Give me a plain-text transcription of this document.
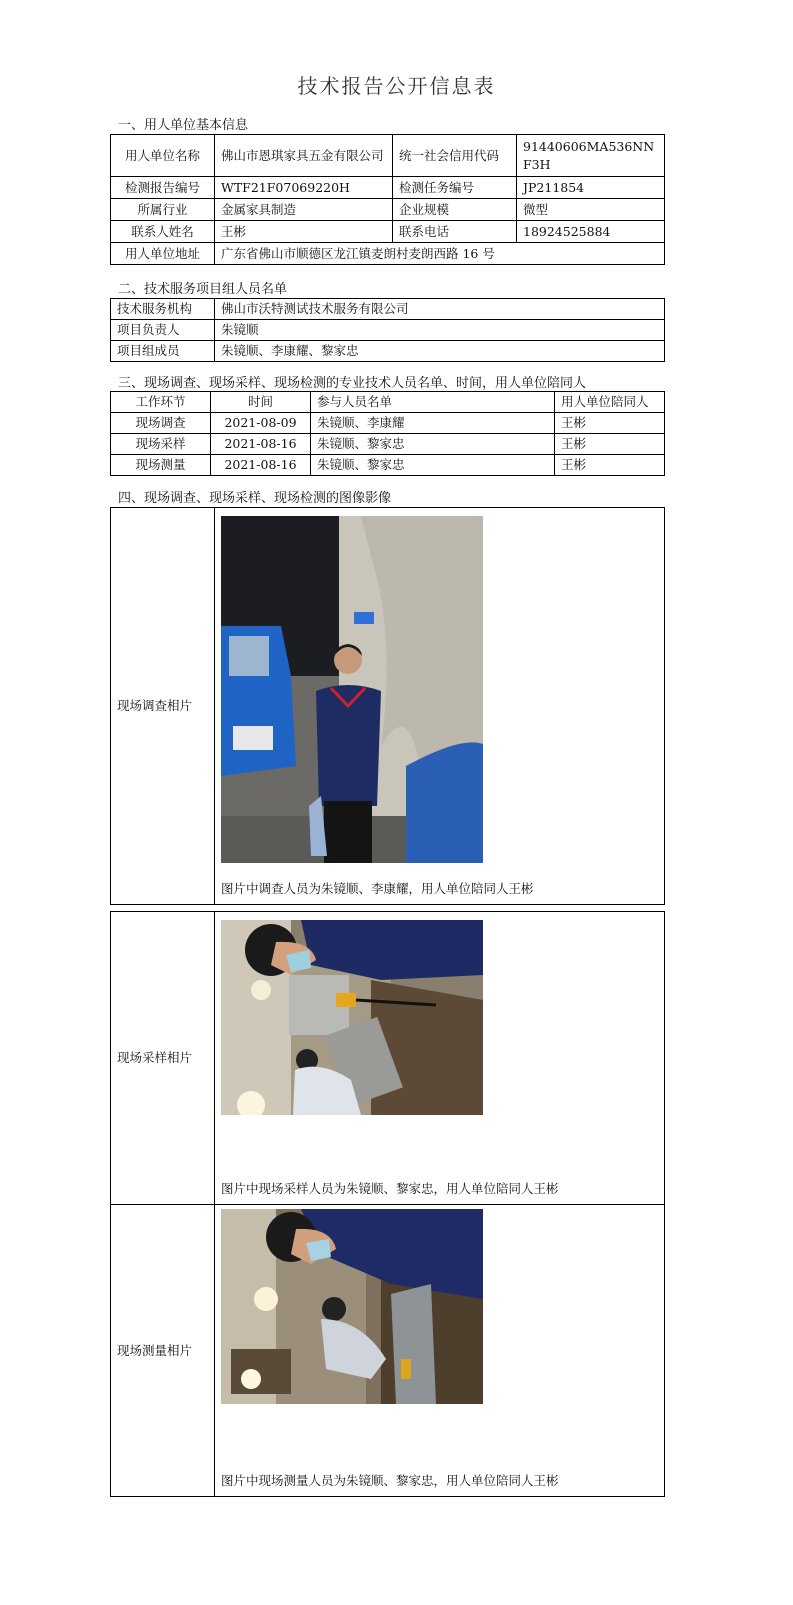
技术报告公开信息表
一、用人单位基本信息
用人单位名称	佛山市恩琪家具五金有限公司	统一社会信用代码	91440606MA536NNF3H
检测报告编号	WTF21F07069220H	检测任务编号	JP211854
所属行业	金属家具制造	企业规模	微型
联系人姓名	王彬	联系电话	18924525884
用人单位地址	广东省佛山市顺德区龙江镇麦朗村麦朗西路 16 号		
二、技术服务项目组人员名单
技术服务机构	佛山市沃特测试技术服务有限公司
项目负责人	朱镜顺
项目组成员	朱镜顺、李康耀、黎家忠
三、现场调查、现场采样、现场检测的专业技术人员名单、时间，用人单位陪同人
工作环节	时间	参与人员名单	用人单位陪同人
现场调查	2021-08-09	朱镜顺、李康耀	王彬
现场采样	2021-08-16	朱镜顺、黎家忠	王彬
现场测量	2021-08-16	朱镜顺、黎家忠	王彬
四、现场调查、现场采样、现场检测的图像影像
现场调查相片	
图片中调查人员为朱镜顺、李康耀，用人单位陪同人王彬
现场采样相片	
图片中现场采样人员为朱镜顺、黎家忠，用人单位陪同人王彬
现场测量相片	
图片中现场测量人员为朱镜顺、黎家忠，用人单位陪同人王彬
